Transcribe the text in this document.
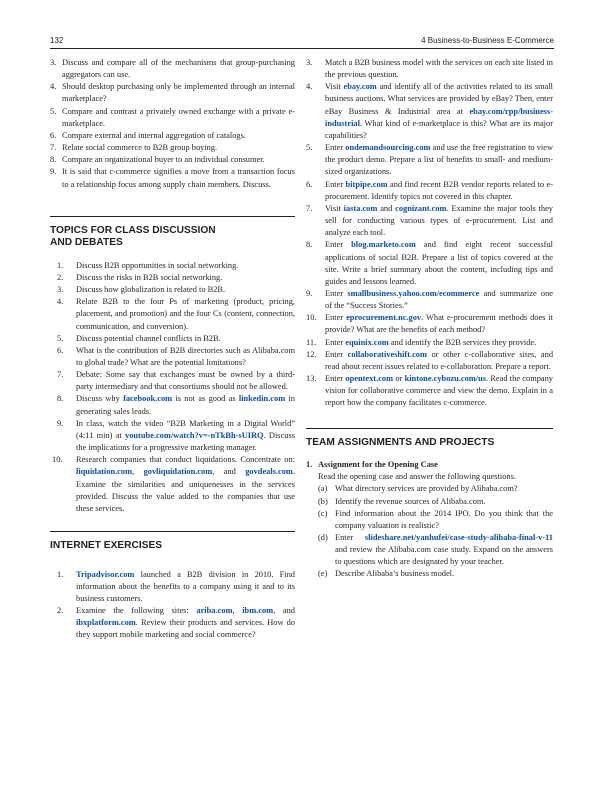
132	4 Business-to-Business E-Commerce
3. Discuss and compare all of the mechanisms that group-purchasing aggregators can use.
4. Should desktop purchasing only be implemented through an internal marketplace?
5. Compare and contrast a privately owned exchange with a private e-marketplace.
6. Compare external and internal aggregation of catalogs.
7. Relate social commerce to B2B group buying.
8. Compare an organizational buyer to an individual consumer.
9. It is said that c-commerce signifies a move from a transaction focus to a relationship focus among supply chain members. Discuss.
TOPICS FOR CLASS DISCUSSION
AND DEBATES
1. Discuss B2B opportunities in social networking.
2. Discuss the risks in B2B social networking.
3. Discuss how globalization is related to B2B.
4. Relate B2B to the four Ps of marketing (product, pricing, placement, and promotion) and the four Cs (content, connection, communication, and conversion).
5. Discuss potential channel conflicts in B2B.
6. What is the contribution of B2B directories such as Alibaba.com to global trade? What are the potential limitations?
7. Debate: Some say that exchanges must be owned by a third-party intermediary and that consortiums should not be allowed.
8. Discuss why facebook.com is not as good as linkedin.com in generating sales leads.
9. In class, watch the video “B2B Marketing in a Digital World” (4:11 min) at youtube.com/watch?v=-nTkBh-sUIRQ. Discuss the implications for a progressive marketing manager.
10. Research companies that conduct liquidations. Concentrate on: liquidation.com, govliquidation.com, and govdeals.com. Examine the similarities and uniquenesses in the services provided. Discuss the value added to the companies that use these services.
INTERNET EXERCISES
1. Tripadvisor.com launched a B2B division in 2010. Find information about the benefits to a company using it and to its business customers.
2. Examine the following sites: ariba.com, ibm.com, and ibxplatform.com. Review their products and services. How do they support mobile marketing and social commerce?
3. Match a B2B business model with the services on each site listed in the previous question.
4. Visit ebay.com and identify all of the activities related to its small business auctions. What services are provided by eBay? Then, enter eBay Business & Industrial area at ebay.com/rpp/business-industrial. What kind of e-marketplace is this? What are its major capabilities?
5. Enter ondemandsourcing.com and use the free registration to view the product demo. Prepare a list of benefits to small- and medium-sized organizations.
6. Enter bitpipe.com and find recent B2B vendor reports related to e-procurement. Identify topics not covered in this chapter.
7. Visit iasta.com and cognizant.com. Examine the major tools they sell for conducting various types of e-procurement. List and analyze each tool.
8. Enter blog.marketo.com and find eight recent successful applications of social B2B. Prepare a list of topics covered at the site. Write a brief summary about the content, including tips and guides and lessons learned.
9. Enter smallbusiness.yahoo.com/ecommerce and summarize one of the “Success Stories.”
10. Enter eprocurement.nc.gov. What e-procurement methods does it provide? What are the benefits of each method?
11. Enter equinix.com and identify the B2B services they provide.
12. Enter collaborativeshift.com or other c-collaborative sites, and read about recent issues related to e-collaboration. Prepare a report.
13. Enter opentext.com or kintone.cybozu.com/us. Read the company vision for collaborative commerce and view the demo. Explain in a report how the company facilitates c-commerce.
TEAM ASSIGNMENTS AND PROJECTS
1. Assignment for the Opening Case
Read the opening case and answer the following questions.
(a) What directory services are provided by Alibaba.com?
(b) Identify the revenue sources of Alibaba.com.
(c) Find information about the 2014 IPO. Do you think that the company valuation is realistic?
(d) Enter slideshare.net/yanhufei/case-study-alibaba-final-v-11 and review the Alibaba.com case study. Expand on the answers to questions which are designated by your teacher.
(e) Describe Alibaba’s business model.
